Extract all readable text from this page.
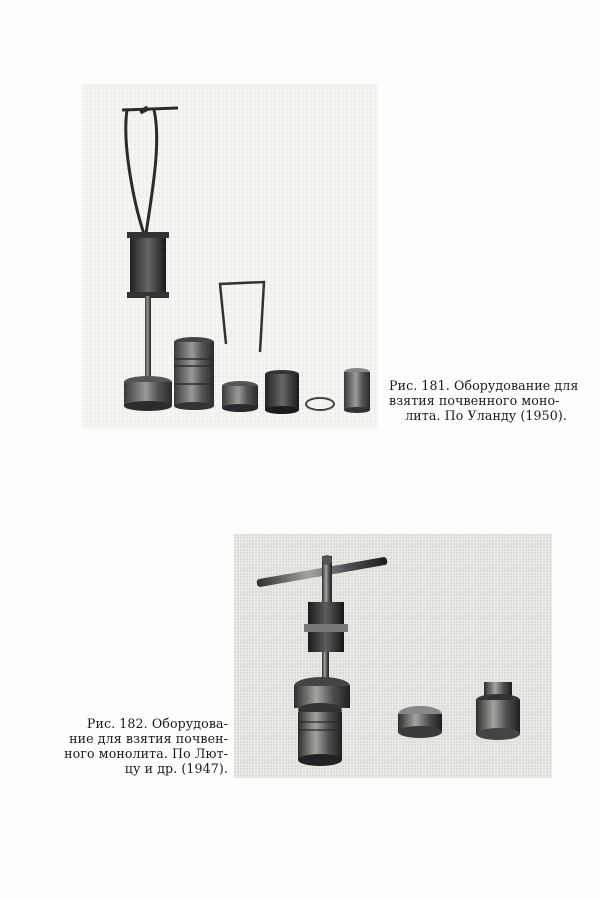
Рис. 181. Оборудование для
взятия почвенного моно-
лита. По Уланду (1950).
Рис. 182. Оборудова-
ние для взятия почвен-
ного монолита. По Лют-
цу и др. (1947).
